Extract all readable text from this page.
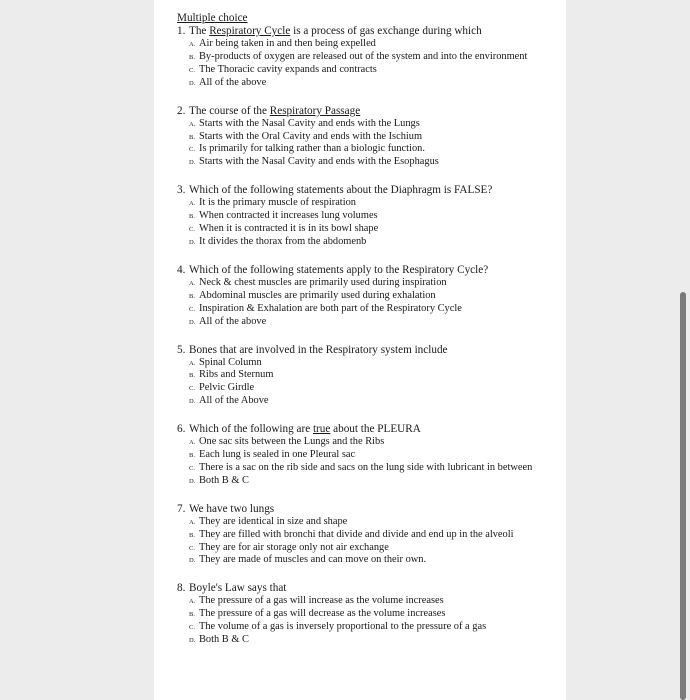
Multiple choice
1. The Respiratory Cycle is a process of gas exchange during which
A. Air being taken in and then being expelled
B. By-products of oxygen are released out of the system and into the environment
C. The Thoracic cavity expands and contracts
D. All of the above
2. The course of the Respiratory Passage
A. Starts with the Nasal Cavity and ends with the Lungs
B. Starts with the Oral Cavity and ends with the Ischium
C. Is primarily for talking rather than a biologic function.
D. Starts with the Nasal Cavity and ends with the Esophagus
3. Which of the following statements about the Diaphragm is FALSE?
A. It is the primary muscle of respiration
B. When contracted it increases lung volumes
C. When it is contracted it is in its bowl shape
D. It divides the thorax from the abdomenb
4. Which of the following statements apply to the Respiratory Cycle?
A. Neck & chest muscles are primarily used during inspiration
B. Abdominal muscles are primarily used during exhalation
C. Inspiration & Exhalation are both part of the Respiratory Cycle
D. All of the above
5. Bones that are involved in the Respiratory system include
A. Spinal Column
B. Ribs and Sternum
C. Pelvic Girdle
D. All of the Above
6. Which of the following are true about the PLEURA
A. One sac sits between the Lungs and the Ribs
B. Each lung is sealed in one Pleural sac
C. There is a sac on the rib side and sacs on the lung side with lubricant in between
D. Both B & C
7. We have two lungs
A. They are identical in size and shape
B. They are filled with bronchi that divide and divide and end up in the alveoli
C. They are for air storage only not air exchange
D. They are made of muscles and can move on their own.
8. Boyle's Law says that
A. The pressure of a gas will increase as the volume increases
B. The pressure of a gas will decrease as the volume increases
C. The volume of a gas is inversely proportional to the pressure of a gas
D. Both B & C
